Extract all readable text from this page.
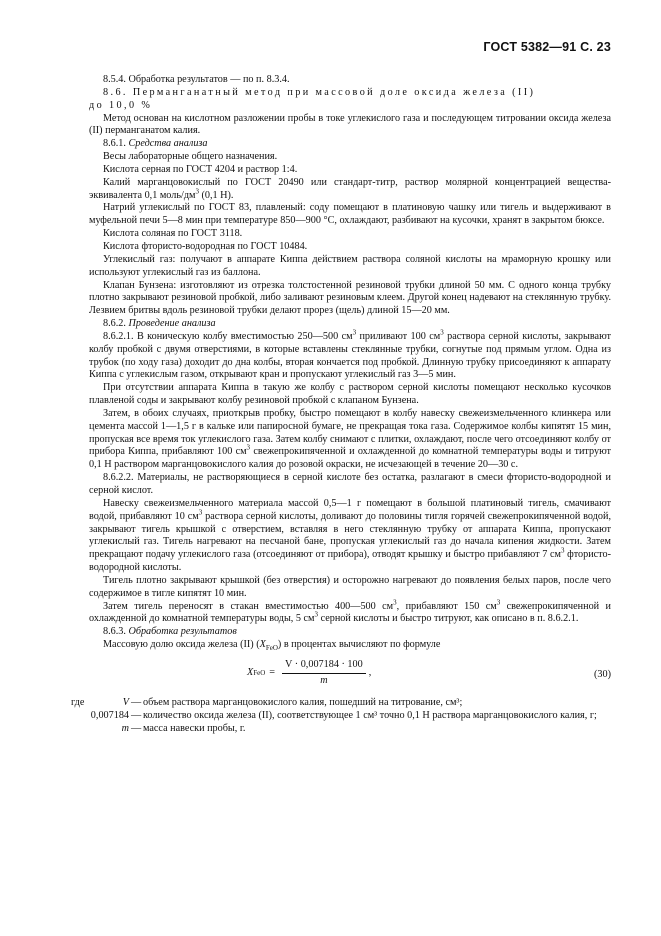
ГОСТ 5382—91 С. 23

8.5.4. Обработка результатов — по п. 8.3.4.

8.6. Перманганатный метод при массовой доле оксида железа (II)

до 10,0 %

Метод основан на кислотном разложении пробы в токе углекислого газа и последующем титровании оксида железа (II) перманганатом калия.

8.6.1. Средства анализа

Весы лабораторные общего назначения.

Кислота серная по ГОСТ 4204 и раствор 1:4.

Калий марганцовокислый по ГОСТ 20490 или стандарт-титр, раствор молярной концентрацией вещества-эквивалента 0,1 моль/$дм^3$ (0,1 Н).

Натрий углекислый по ГОСТ 83, плавленый: соду помещают в платиновую чашку или тигель и выдерживают в муфельной печи 5—8 мин при температуре 850—900 °С, охлаждают, разбивают на кусочки, хранят в закрытом бюксе.

Кислота соляная по ГОСТ 3118.

Кислота фтористо-водородная по ГОСТ 10484.

Углекислый газ: получают в аппарате Киппа действием раствора соляной кислоты на мраморную крошку или используют углекислый газ из баллона.

Клапан Бунзена: изготовляют из отрезка толстостенной резиновой трубки длиной 50 мм. С одного конца трубку плотно закрывают резиновой пробкой, либо заливают резиновым клеем. Другой конец надевают на стеклянную трубку. Лезвием бритвы вдоль резиновой трубки делают прорез (щель) длиной 15—20 мм.

8.6.2. Проведение анализа

8.6.2.1. В коническую колбу вместимостью 250—500 $см^3$ приливают 100 $см^3$ раствора серной кислоты, закрывают колбу пробкой с двумя отверстиями, в которые вставлены стеклянные трубки, согнутые под прямым углом. Одна из трубок (по ходу газа) доходит до дна колбы, вторая кончается под пробкой. Длинную трубку присоединяют к аппарату Киппа с углекислым газом, открывают кран и пропускают углекислый газ 3—5 мин.

При отсутствии аппарата Киппа в такую же колбу с раствором серной кислоты помещают несколько кусочков плавленой соды и закрывают колбу резиновой пробкой с клапаном Бунзена.

Затем, в обоих случаях, приоткрыв пробку, быстро помещают в колбу навеску свежеизмельченного клинкера или цемента массой 1—1,5 г в кальке или папиросной бумаге, не прекращая тока газа. Содержимое колбы кипятят 15 мин, пропуская все время ток углекислого газа. Затем колбу снимают с плитки, охлаждают, после чего отсоединяют колбу от прибора Киппа, прибавляют 100 $см^3$ свежепрокипяченной и охлажденной до комнатной температуры воды и титруют 0,1 Н раствором марганцовокислого калия до розовой окраски, не исчезающей в течение 20—30 с.

8.6.2.2. Материалы, не растворяющиеся в серной кислоте без остатка, разлагают в смеси фтористо-водородной и серной кислот.

Навеску свежеизмельченного материала массой 0,5—1 г помещают в большой платиновый тигель, смачивают водой, прибавляют 10 $см^3$ раствора серной кислоты, доливают до половины тигля горячей свежепрокипяченной водой, закрывают тигель крышкой с отверстием, вставляя в него стеклянную трубку от аппарата Киппа, пропускают углекислый газ. Тигель нагревают на песчаной бане, пропуская углекислый газ до начала кипения жидкости. Затем прекращают подачу углекислого газа (отсоединяют от прибора), отводят крышку и быстро прибавляют 7 $см^3$ фтористо-водородной кислоты.

Тигель плотно закрывают крышкой (без отверстия) и осторожно нагревают до появления белых паров, после чего содержимое в тигле кипятят 10 мин.

Затем тигель переносят в стакан вместимостью 400—500 $см^3$, прибавляют 150 $см^3$ свежепрокипяченной и охлажденной до комнатной температуры воды, 5 $см^3$ серной кислоты и быстро титруют, как описано в п. 8.6.2.1.

8.6.3. Обработка результатов

Массовую долю оксида железа (II) $(X_{FeO})$ в процентах вычисляют по формуле

X FeO = $\frac{V \cdot 0,007184 \cdot 100}{m}$ ,	(30)
где	V — объем раствора марганцовокислого калия, пошедший на титрование, см³;
0,007184 — количество оксида железа (II), соответствующее 1 см³ точно 0,1 Н раствора марганцовокислого калия, г;
m — масса навески пробы, г.
